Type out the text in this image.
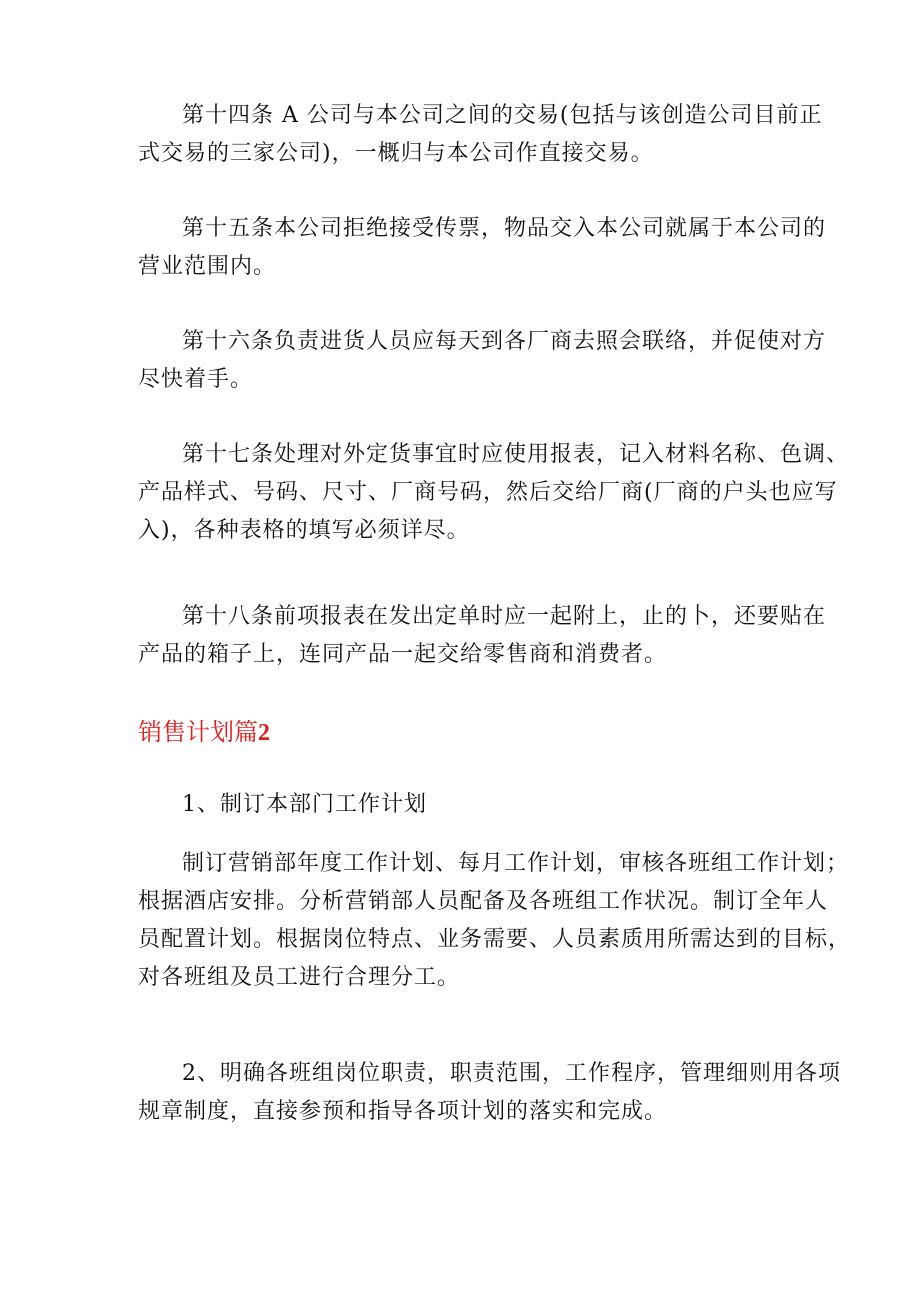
第十四条 A 公司与本公司之间的交易(包括与该创造公司目前正
式交易的三家公司)，一概归与本公司作直接交易。
第十五条本公司拒绝接受传票，物品交入本公司就属于本公司的
营业范围内。
第十六条负责进货人员应每天到各厂商去照会联络，并促使对方
尽快着手。
第十七条处理对外定货事宜时应使用报表，记入材料名称、色调、
产品样式、号码、尺寸、厂商号码，然后交给厂商(厂商的户头也应写
入)，各种表格的填写必须详尽。
第十八条前项报表在发出定单时应一起附上，止的卜，还要贴在
产品的箱子上，连同产品一起交给零售商和消费者。
销售计划篇2
1、制订本部门工作计划
制订营销部年度工作计划、每月工作计划，审核各班组工作计划；
根据酒店安排。分析营销部人员配备及各班组工作状况。制订全年人
员配置计划。根据岗位特点、业务需要、人员素质用所需达到的目标，
对各班组及员工进行合理分工。
2、明确各班组岗位职责，职责范围，工作程序，管理细则用各项
规章制度，直接参预和指导各项计划的落实和完成。
